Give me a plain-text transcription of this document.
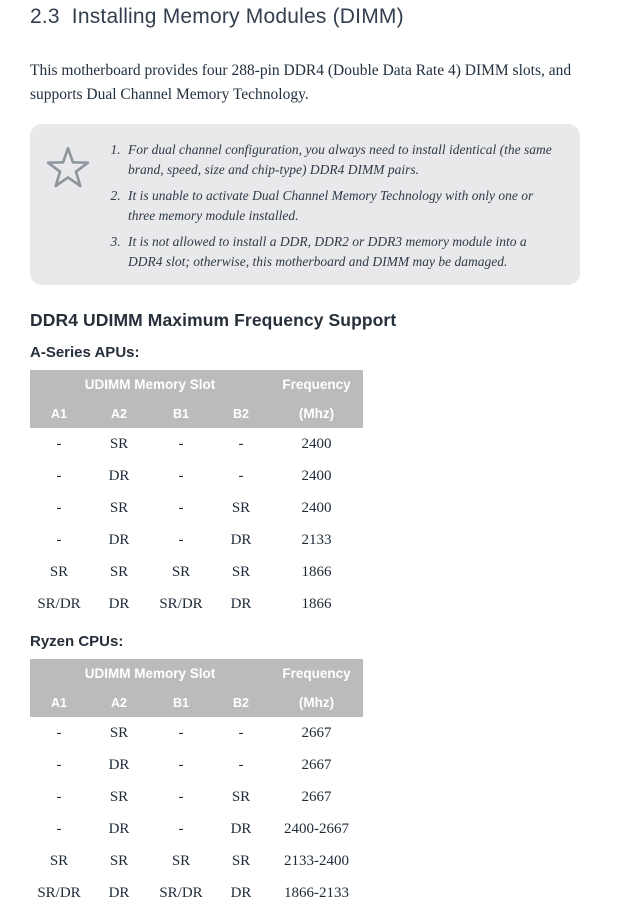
2.3 Installing Memory Modules (DIMM)

This motherboard provides four 288-pin DDR4 (Double Data Rate 4) DIMM slots, and supports Dual Channel Memory Technology.

1. For dual channel configuration, you always need to install identical (the same brand, speed, size and chip-type) DDR4 DIMM pairs.
2. It is unable to activate Dual Channel Memory Technology with only one or three memory module installed.
3. It is not allowed to install a DDR, DDR2 or DDR3 memory module into a DDR4 slot; otherwise, this motherboard and DIMM may be damaged.
DDR4 UDIMM Maximum Frequency Support
A-Series APUs:
UDIMM Memory Slot				Frequency
A1	A2	B1	B2	(Mhz)
-	SR	-	-	2400
-	DR	-	-	2400
-	SR	-	SR	2400
-	DR	-	DR	2133
SR	SR	SR	SR	1866
SR/DR	DR	SR/DR	DR	1866
Ryzen CPUs:
UDIMM Memory Slot				Frequency
A1	A2	B1	B2	(Mhz)
-	SR	-	-	2667
-	DR	-	-	2667
-	SR	-	SR	2667
-	DR	-	DR	2400-2667
SR	SR	SR	SR	2133-2400
SR/DR	DR	SR/DR	DR	1866-2133
